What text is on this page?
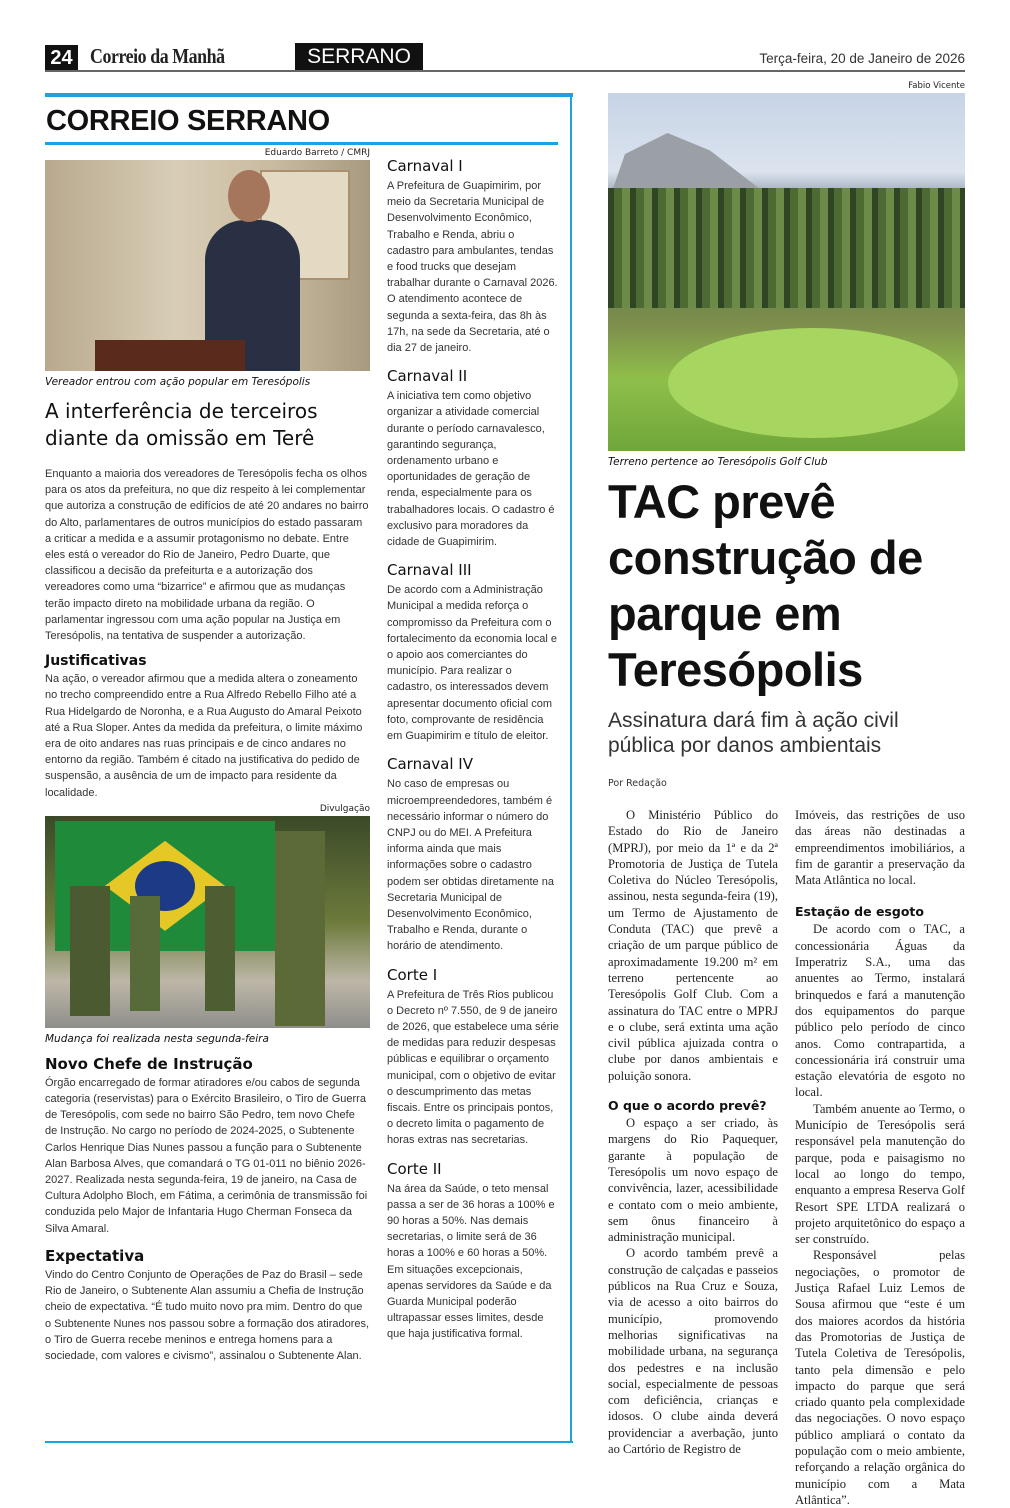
24 Correio da Manhã	SERRANO	Terça-feira, 20 de Janeiro de 2026
CORREIO SERRANO
Eduardo Barreto / CMRJ
Vereador entrou com ação popular em Teresópolis
A interferência de terceiros diante da omissão em Terê

Enquanto a maioria dos vereadores de Teresópolis fecha os olhos para os atos da prefeitura, no que diz respeito à lei complementar que autoriza a construção de edifícios de até 20 andares no bairro do Alto, parlamentares de outros municípios do estado passaram a criticar a medida e a assumir protagonismo no debate. Entre eles está o vereador do Rio de Janeiro, Pedro Duarte, que classificou a decisão da prefeiturta e a autorização dos vereadores como uma “bizarrice” e afirmou que as mudanças terão impacto direto na mobilidade urbana da região. O parlamentar ingressou com uma ação popular na Justiça em Teresópolis, na tentativa de suspender a autorização.

Justificativas

Na ação, o vereador afirmou que a medida altera o zoneamento no trecho compreendido entre a Rua Alfredo Rebello Filho até a Rua Hidelgardo de Noronha, e a Rua Augusto do Amaral Peixoto até a Rua Sloper. Antes da medida da prefeitura, o limite máximo era de oito andares nas ruas principais e de cinco andares no entorno da região. Também é citado na justificativa do pedido de suspensão, a ausência de um de impacto para residente da localidade.

Divulgação
Mudança foi realizada nesta segunda-feira
Novo Chefe de Instrução

Órgão encarregado de formar atiradores e/ou cabos de segunda categoria (reservistas) para o Exército Brasileiro, o Tiro de Guerra de Teresópolis, com sede no bairro São Pedro, tem novo Chefe de Instrução. No cargo no período de 2024-2025, o Subtenente Carlos Henrique Dias Nunes passou a função para o Subtenente Alan Barbosa Alves, que comandará o TG 01-011 no biênio 2026-2027. Realizada nesta segunda-feira, 19 de janeiro, na Casa de Cultura Adolpho Bloch, em Fátima, a cerimônia de transmissão foi conduzida pelo Major de Infantaria Hugo Cherman Fonseca da Silva Amaral.

Expectativa

Vindo do Centro Conjunto de Operações de Paz do Brasil – sede Rio de Janeiro, o Subtenente Alan assumiu a Chefia de Instrução cheio de expectativa. “É tudo muito novo pra mim. Dentro do que o Subtenente Nunes nos passou sobre a formação dos atiradores, o Tiro de Guerra recebe meninos e entrega homens para a sociedade, com valores e civismo”, assinalou o Subtenente Alan.

Carnaval I

A Prefeitura de Guapimirim, por meio da Secretaria Municipal de Desenvolvimento Econômico, Trabalho e Renda, abriu o cadastro para ambulantes, tendas e food trucks que desejam trabalhar durante o Carnaval 2026. O atendimento acontece de segunda a sexta-feira, das 8h às 17h, na sede da Secretaria, até o dia 27 de janeiro.

Carnaval II

A iniciativa tem como objetivo organizar a atividade comercial durante o período carnavalesco, garantindo segurança, ordenamento urbano e oportunidades de geração de renda, especialmente para os trabalhadores locais. O cadastro é exclusivo para moradores da cidade de Guapimirim.

Carnaval III

De acordo com a Administração Municipal a medida reforça o compromisso da Prefeitura com o fortalecimento da economia local e o apoio aos comerciantes do município. Para realizar o cadastro, os interessados devem apresentar documento oficial com foto, comprovante de residência em Guapimirim e título de eleitor.

Carnaval IV

No caso de empresas ou microempreendedores, também é necessário informar o número do CNPJ ou do MEI. A Prefeitura informa ainda que mais informações sobre o cadastro podem ser obtidas diretamente na Secretaria Municipal de Desenvolvimento Econômico, Trabalho e Renda, durante o horário de atendimento.

Corte I

A Prefeitura de Três Rios publicou o Decreto nº 7.550, de 9 de janeiro de 2026, que estabelece uma série de medidas para reduzir despesas públicas e equilibrar o orçamento municipal, com o objetivo de evitar o descumprimento das metas fiscais. Entre os principais pontos, o decreto limita o pagamento de horas extras nas secretarias.

Corte II

Na área da Saúde, o teto mensal passa a ser de 36 horas a 100% e 90 horas a 50%. Nas demais secretarias, o limite será de 36 horas a 100% e 60 horas a 50%. Em situações excepcionais, apenas servidores da Saúde e da Guarda Municipal poderão ultrapassar esses limites, desde que haja justificativa formal.

Fabio Vicente
Terreno pertence ao Teresópolis Golf Club
TAC prevê construção de parque em Teresópolis
Assinatura dará fim à ação civil pública por danos ambientais
Por Redação

O Ministério Público do Estado do Rio de Janeiro (MPRJ), por meio da 1ª e da 2ª Promotoria de Justiça de Tutela Coletiva do Núcleo Teresópolis, assinou, nesta segunda-feira (19), um Termo de Ajustamento de Conduta (TAC) que prevê a criação de um parque público de aproximadamente 19.200 m² em terreno pertencente ao Teresópolis Golf Club. Com a assinatura do TAC entre o MPRJ e o clube, será extinta uma ação civil pública ajuizada contra o clube por danos ambientais e poluição sonora.

O que o acordo prevê?

O espaço a ser criado, às margens do Rio Paquequer, garante à população de Teresópolis um novo espaço de convivência, lazer, acessibilidade e contato com o meio ambiente, sem ônus financeiro à administração municipal.

O acordo também prevê a construção de calçadas e passeios públicos na Rua Cruz e Souza, via de acesso a oito bairros do município, promovendo melhorias significativas na mobilidade urbana, na segurança dos pedestres e na inclusão social, especialmente de pessoas com deficiência, crianças e idosos. O clube ainda deverá providenciar a averbação, junto ao Cartório de Registro de

Imóveis, das restrições de uso das áreas não destinadas a empreendimentos imobiliários, a fim de garantir a preservação da Mata Atlântica no local.

Estação de esgoto

De acordo com o TAC, a concessionária Águas da Imperatriz S.A., uma das anuentes ao Termo, instalará brinquedos e fará a manutenção dos equipamentos do parque público pelo período de cinco anos. Como contrapartida, a concessionária irá construir uma estação elevatória de esgoto no local.

Também anuente ao Termo, o Município de Teresópolis será responsável pela manutenção do parque, poda e paisagismo no local ao longo do tempo, enquanto a empresa Reserva Golf Resort SPE LTDA realizará o projeto arquitetônico do espaço a ser construído.

Responsável pelas negociações, o promotor de Justiça Rafael Luiz Lemos de Sousa afirmou que “este é um dos maiores acordos da história das Promotorias de Justiça de Tutela Coletiva de Teresópolis, tanto pela dimensão e pelo impacto do parque que será criado quanto pela complexidade das negociações. O novo espaço público ampliará o contato da população com o meio ambiente, reforçando a relação orgânica do município com a Mata Atlântica”.
